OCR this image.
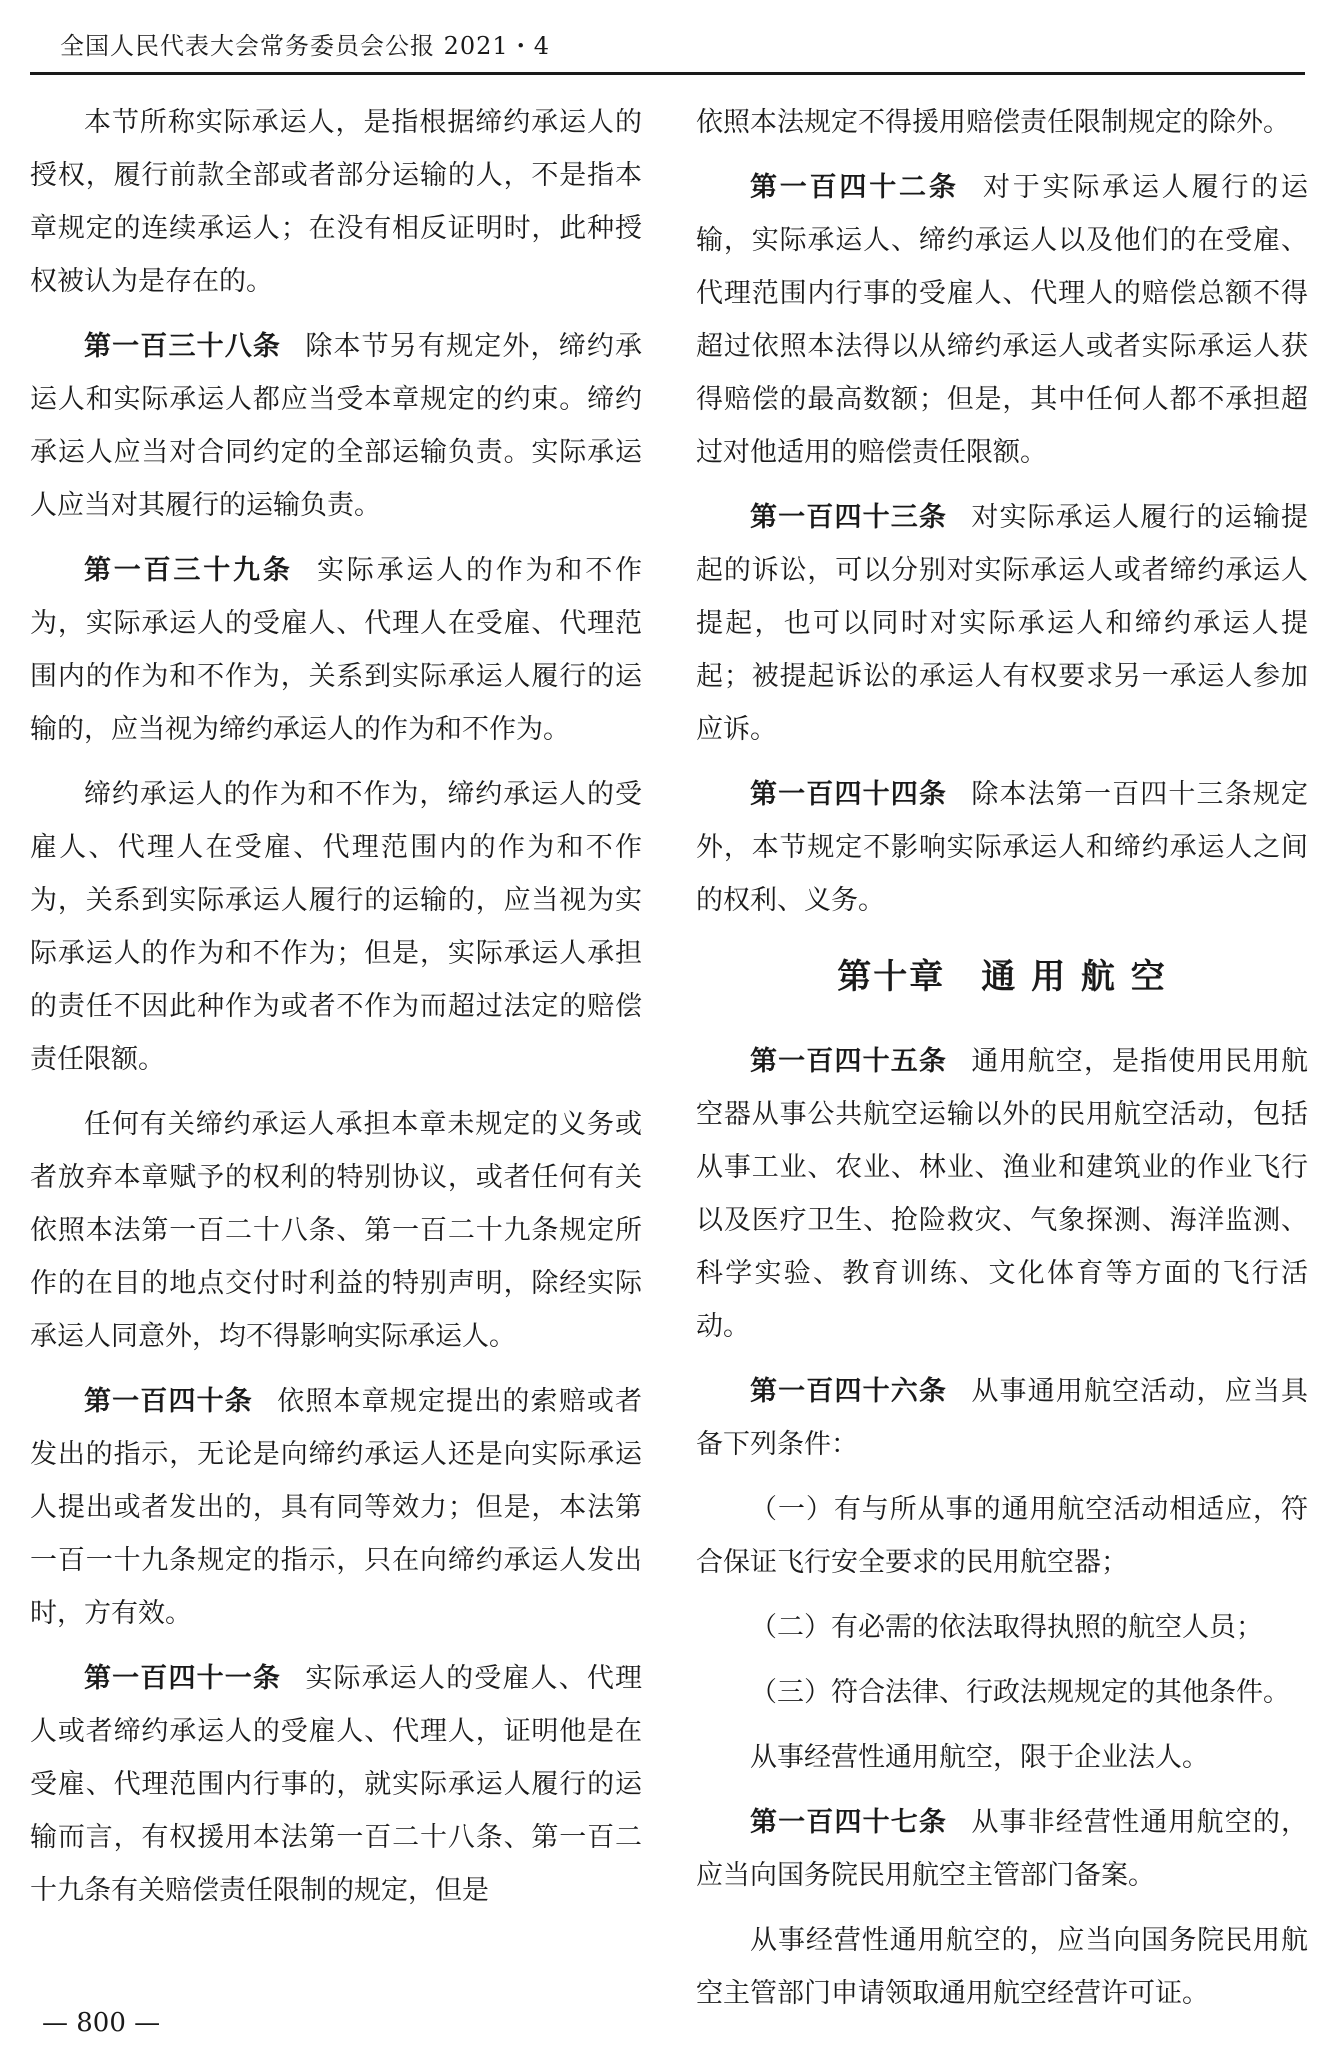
全国人民代表大会常务委员会公报 2021・4

本节所称实际承运人，是指根据缔约承运人的授权，履行前款全部或者部分运输的人，不是指本章规定的连续承运人；在没有相反证明时，此种授权被认为是存在的。

第一百三十八条 除本节另有规定外，缔约承运人和实际承运人都应当受本章规定的约束。缔约承运人应当对合同约定的全部运输负责。实际承运人应当对其履行的运输负责。

第一百三十九条 实际承运人的作为和不作为，实际承运人的受雇人、代理人在受雇、代理范围内的作为和不作为，关系到实际承运人履行的运输的，应当视为缔约承运人的作为和不作为。

缔约承运人的作为和不作为，缔约承运人的受雇人、代理人在受雇、代理范围内的作为和不作为，关系到实际承运人履行的运输的，应当视为实际承运人的作为和不作为；但是，实际承运人承担的责任不因此种作为或者不作为而超过法定的赔偿责任限额。

任何有关缔约承运人承担本章未规定的义务或者放弃本章赋予的权利的特别协议，或者任何有关依照本法第一百二十八条、第一百二十九条规定所作的在目的地点交付时利益的特别声明，除经实际承运人同意外，均不得影响实际承运人。

第一百四十条 依照本章规定提出的索赔或者发出的指示，无论是向缔约承运人还是向实际承运人提出或者发出的，具有同等效力；但是，本法第一百一十九条规定的指示，只在向缔约承运人发出时，方有效。

第一百四十一条 实际承运人的受雇人、代理人或者缔约承运人的受雇人、代理人，证明他是在受雇、代理范围内行事的，就实际承运人履行的运输而言，有权援用本法第一百二十八条、第一百二十九条有关赔偿责任限制的规定，但是

依照本法规定不得援用赔偿责任限制规定的除外。

第一百四十二条 对于实际承运人履行的运输，实际承运人、缔约承运人以及他们的在受雇、代理范围内行事的受雇人、代理人的赔偿总额不得超过依照本法得以从缔约承运人或者实际承运人获得赔偿的最高数额；但是，其中任何人都不承担超过对他适用的赔偿责任限额。

第一百四十三条 对实际承运人履行的运输提起的诉讼，可以分别对实际承运人或者缔约承运人提起，也可以同时对实际承运人和缔约承运人提起；被提起诉讼的承运人有权要求另一承运人参加应诉。

第一百四十四条 除本法第一百四十三条规定外，本节规定不影响实际承运人和缔约承运人之间的权利、义务。

第十章　通 用 航 空

第一百四十五条 通用航空，是指使用民用航空器从事公共航空运输以外的民用航空活动，包括从事工业、农业、林业、渔业和建筑业的作业飞行以及医疗卫生、抢险救灾、气象探测、海洋监测、科学实验、教育训练、文化体育等方面的飞行活动。

第一百四十六条 从事通用航空活动，应当具备下列条件：

（一）有与所从事的通用航空活动相适应，符合保证飞行安全要求的民用航空器；

（二）有必需的依法取得执照的航空人员；

（三）符合法律、行政法规规定的其他条件。

从事经营性通用航空，限于企业法人。

第一百四十七条 从事非经营性通用航空的，应当向国务院民用航空主管部门备案。

从事经营性通用航空的，应当向国务院民用航空主管部门申请领取通用航空经营许可证。

— 800 —
